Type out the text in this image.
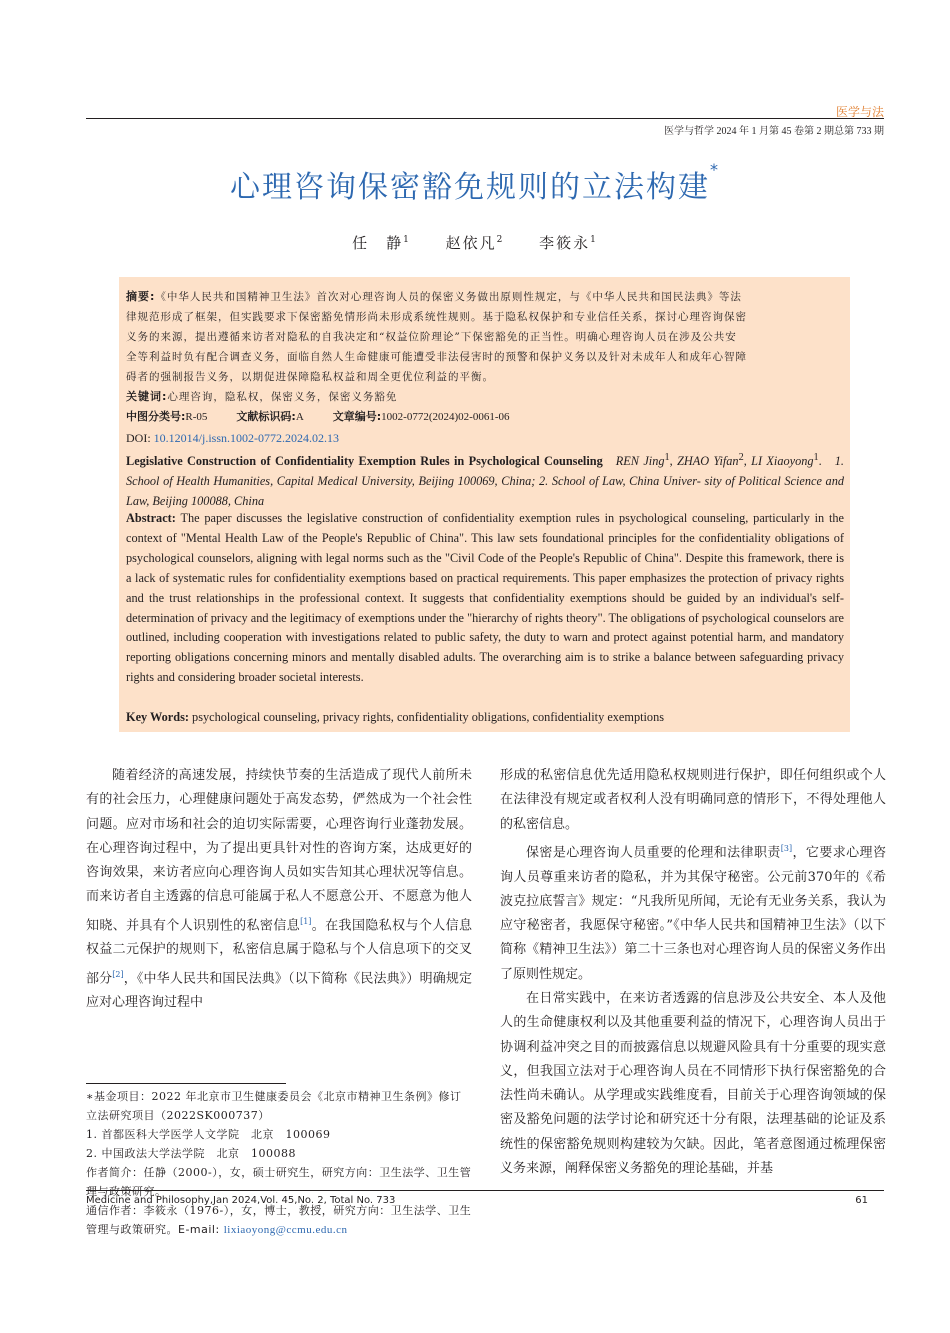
医学与法
医学与哲学 2024 年 1 月第 45 卷第 2 期总第 733 期
心理咨询保密豁免规则的立法构建*
任　静$^1$ 赵依凡$^2$ 李筱永$^1$
摘要:《中华人民共和国精神卫生法》首次对心理咨询人员的保密义务做出原则性规定，与《中华人民共和国民法典》等法
律规范形成了框架，但实践要求下保密豁免情形尚未形成系统性规则。基于隐私权保护和专业信任关系，探讨心理咨询保密
义务的来源，提出遵循来访者对隐私的自我决定和“权益位阶理论”下保密豁免的正当性。明确心理咨询人员在涉及公共安
全等利益时负有配合调查义务，面临自然人生命健康可能遭受非法侵害时的预警和保护义务以及针对未成年人和成年心智障
碍者的强制报告义务，以期促进保障隐私权益和周全更优位利益的平衡。
关键词:心理咨询，隐私权，保密义务，保密义务豁免
中图分类号:R-05	文献标识码:A	文章编号:1002-0772(2024)02-0061-06
DOI: 10.12014/j.issn.1002-0772.2024.02.13
Legislative Construction of Confidentiality Exemption Rules in Psychological Counseling REN Jing$^1$, ZHAO Yifan$^2$, LI Xiaoyong$^1$.   1. School of Health Humanities, Capital Medical University, Beijing 100069, China; 2. School of Law, China Univer- sity of Political Science and Law, Beijing 100088, China
Abstract: The paper discusses the legislative construction of confidentiality exemption rules in psychological counseling, particularly in the context of "Mental Health Law of the People's Republic of China". This law sets foundational principles for the confidentiality obligations of psychological counselors, aligning with legal norms such as the "Civil Code of the People's Republic of China". Despite this framework, there is a lack of systematic rules for confidentiality exemptions based on practical requirements. This paper emphasizes the protection of privacy rights and the trust relationships in the professional context. It suggests that confidentiality exemptions should be guided by an individual's self-determination of privacy and the legitimacy of exemptions under the "hierarchy of rights theory". The obligations of psychological counselors are outlined, including cooperation with investigations related to public safety, the duty to warn and protect against potential harm, and mandatory reporting obligations concerning minors and mentally disabled adults. The overarching aim is to strike a balance between safeguarding privacy rights and considering broader societal interests.
Key Words: psychological counseling, privacy rights, confidentiality obligations, confidentiality exemptions

随着经济的高速发展，持续快节奏的生活造成了现代人前所未有的社会压力，心理健康问题处于高发态势，俨然成为一个社会性问题。应对市场和社会的迫切实际需要，心理咨询行业蓬勃发展。在心理咨询过程中，为了提出更具针对性的咨询方案，达成更好的咨询效果，来访者应向心理咨询人员如实告知其心理状况等信息。而来访者自主透露的信息可能属于私人不愿意公开、不愿意为他人知晓、并具有个人识别性的私密信息[1]。在我国隐私权与个人信息权益二元保护的规则下，私密信息属于隐私与个人信息项下的交叉部分[2]，《中华人民共和国民法典》（以下简称《民法典》）明确规定应对心理咨询过程中

形成的私密信息优先适用隐私权规则进行保护，即任何组织或个人在法律没有规定或者权利人没有明确同意的情形下，不得处理他人的私密信息。

保密是心理咨询人员重要的伦理和法律职责[3]，它要求心理咨询人员尊重来访者的隐私，并为其保守秘密。公元前370年的《希波克拉底誓言》规定：“凡我所见所闻，无论有无业务关系，我认为应守秘密者，我愿保守秘密。”《中华人民共和国精神卫生法》（以下简称《精神卫生法》）第二十三条也对心理咨询人员的保密义务作出了原则性规定。

在日常实践中，在来访者透露的信息涉及公共安全、本人及他人的生命健康权利以及其他重要利益的情况下，心理咨询人员出于协调利益冲突之目的而披露信息以规避风险具有十分重要的现实意义，但我国立法对于心理咨询人员在不同情形下执行保密豁免的合法性尚未确认。从学理或实践维度看，目前关于心理咨询领域的保密及豁免问题的法学讨论和研究还十分有限，法理基础的论证及系统性的保密豁免规则构建较为欠缺。因此，笔者意图通过梳理保密义务来源，阐释保密义务豁免的理论基础，并基

∗基金项目：2022 年北京市卫生健康委员会《北京市精神卫生条例》修订立法研究项目（2022SK000737）
1. 首都医科大学医学人文学院　北京　100069
2. 中国政法大学法学院　北京　100088
作者简介：任静（2000-），女，硕士研究生，研究方向：卫生法学、卫生管理与政策研究。
通信作者：李筱永（1976-），女，博士，教授，研究方向：卫生法学、卫生管理与政策研究。E-mail: lixiaoyong@ccmu.edu.cn
Medicine and Philosophy,Jan 2024,Vol. 45,No. 2, Total No. 733	61
